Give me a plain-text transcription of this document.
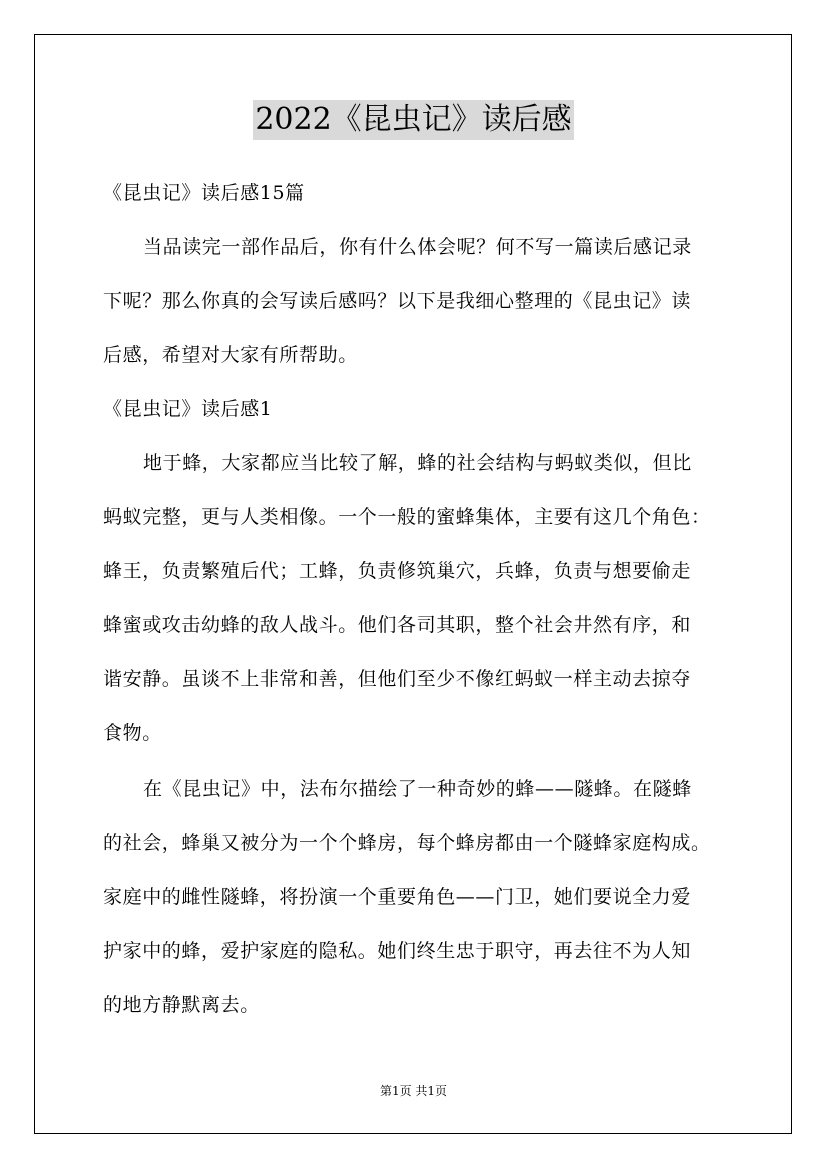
2022《昆虫记》读后感
《昆虫记》读后感15篇
当品读完一部作品后，你有什么体会呢？何不写一篇读后感记录
下呢？那么你真的会写读后感吗？以下是我细心整理的《昆虫记》读
后感，希望对大家有所帮助。
《昆虫记》读后感1
地于蜂，大家都应当比较了解，蜂的社会结构与蚂蚁类似，但比
蚂蚁完整，更与人类相像。一个一般的蜜蜂集体，主要有这几个角色：
蜂王，负责繁殖后代；工蜂，负责修筑巢穴，兵蜂，负责与想要偷走
蜂蜜或攻击幼蜂的敌人战斗。他们各司其职，整个社会井然有序，和
谐安静。虽谈不上非常和善，但他们至少不像红蚂蚁一样主动去掠夺
食物。
在《昆虫记》中，法布尔描绘了一种奇妙的蜂——隧蜂。在隧蜂
的社会，蜂巢又被分为一个个蜂房，每个蜂房都由一个隧蜂家庭构成。
家庭中的雌性隧蜂，将扮演一个重要角色——门卫，她们要说全力爱
护家中的蜂，爱护家庭的隐私。她们终生忠于职守，再去往不为人知
的地方静默离去。
第1页 共1页
